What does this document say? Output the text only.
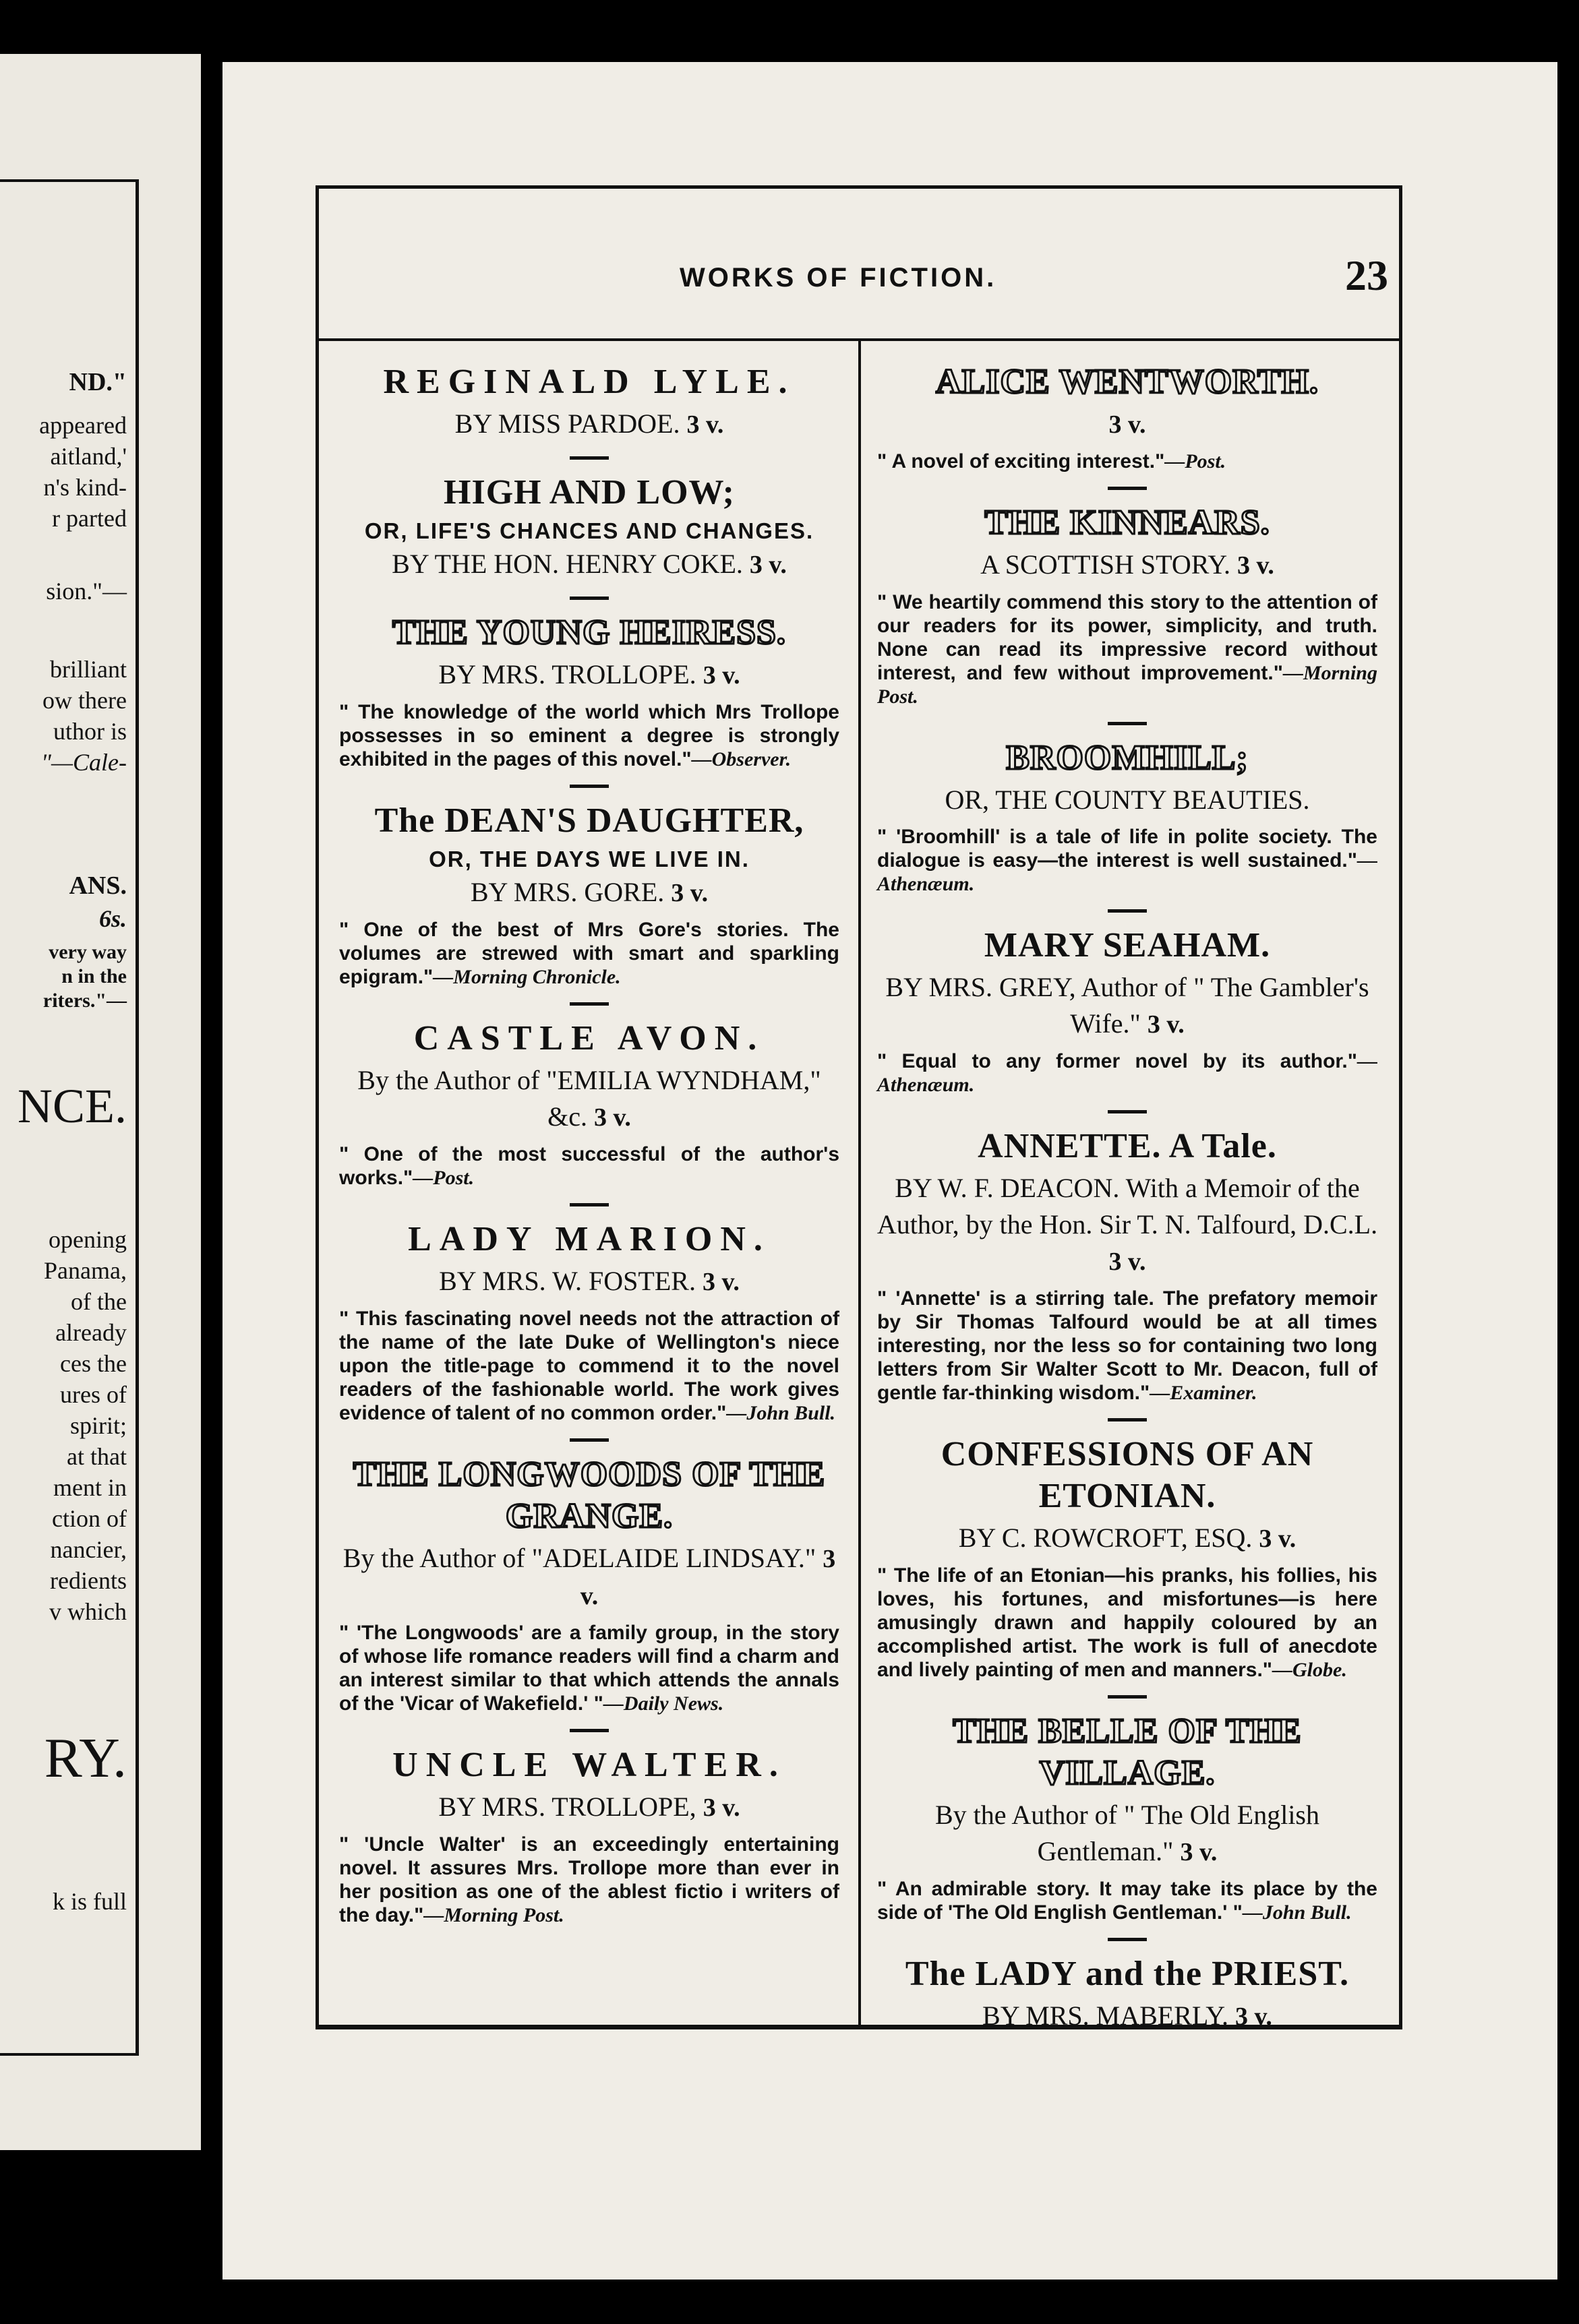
ND."
appeared
aitland,'
n's kind-
r parted
sion."—
brilliant
ow there
uthor is
"—Cale-
ANS.
6s.
very way
n in the
riters."—
NCE.
opening
Panama,
of the
already
ces the
ures of
spirit;
at that
ment in
ction of
nancier,
redients
v which
RY.
k is full
WORKS OF FICTION.	23
REGINALD LYLE.
BY MISS PARDOE. 3 v.
HIGH AND LOW;
OR, LIFE'S CHANCES AND CHANGES.
BY THE HON. HENRY COKE. 3 v.
THE YOUNG HEIRESS.
BY MRS. TROLLOPE. 3 v.
" The knowledge of the world which Mrs Trollope possesses in so eminent a degree is strongly exhibited in the pages of this novel."—Observer.
The DEAN'S DAUGHTER,
OR, THE DAYS WE LIVE IN.
BY MRS. GORE. 3 v.
" One of the best of Mrs Gore's stories. The volumes are strewed with smart and sparkling epigram."—Morning Chronicle.
CASTLE AVON.
By the Author of "EMILIA WYNDHAM," &c. 3 v.
" One of the most successful of the author's works."—Post.
LADY MARION.
BY MRS. W. FOSTER. 3 v.
" This fascinating novel needs not the attraction of the name of the late Duke of Wellington's niece upon the title-page to commend it to the novel readers of the fashionable world. The work gives evidence of talent of no common order."—John Bull.
THE LONGWOODS OF THE GRANGE.
By the Author of "ADELAIDE LINDSAY." 3 v.
" 'The Longwoods' are a family group, in the story of whose life romance readers will find a charm and an interest similar to that which attends the annals of the 'Vicar of Wakefield.' "—Daily News.
UNCLE WALTER.
BY MRS. TROLLOPE, 3 v.
" 'Uncle Walter' is an exceedingly entertaining novel. It assures Mrs. Trollope more than ever in her position as one of the ablest fictio i writers of the day."—Morning Post.
ALICE WENTWORTH.
3 v.
" A novel of exciting interest."—Post.
THE KINNEARS.
A SCOTTISH STORY. 3 v.
" We heartily commend this story to the attention of our readers for its power, simplicity, and truth. None can read its impressive record without interest, and few without improvement."—Morning Post.
BROOMHILL;
OR, THE COUNTY BEAUTIES.
" 'Broomhill' is a tale of life in polite society. The dialogue is easy—the interest is well sustained."—Athenæum.
MARY SEAHAM.
BY MRS. GREY, Author of " The Gambler's Wife." 3 v.
" Equal to any former novel by its author."—Athenæum.
ANNETTE. A Tale.
BY W. F. DEACON. With a Memoir of the Author, by the Hon. Sir T. N. Talfourd, D.C.L. 3 v.
" 'Annette' is a stirring tale. The prefatory memoir by Sir Thomas Talfourd would be at all times interesting, nor the less so for containing two long letters from Sir Walter Scott to Mr. Deacon, full of gentle far-thinking wisdom."—Examiner.
CONFESSIONS OF AN ETONIAN.
BY C. ROWCROFT, ESQ. 3 v.
" The life of an Etonian—his pranks, his follies, his loves, his fortunes, and misfortunes—is here amusingly drawn and happily coloured by an accomplished artist. The work is full of anecdote and lively painting of men and manners."—Globe.
THE BELLE OF THE VILLAGE.
By the Author of " The Old English Gentleman." 3 v.
" An admirable story. It may take its place by the side of 'The Old English Gentleman.' "—John Bull.
The LADY and the PRIEST.
BY MRS. MABERLY. 3 v.
